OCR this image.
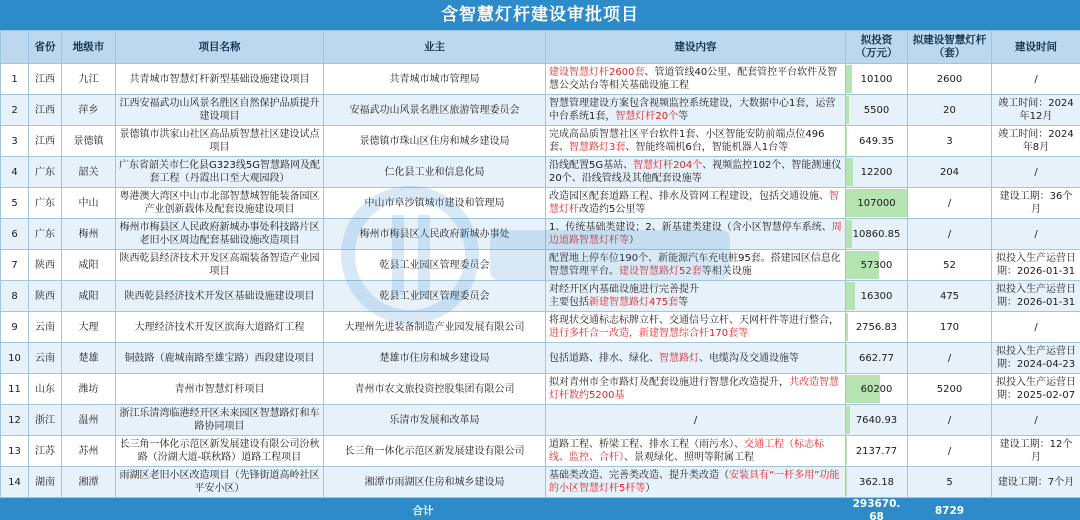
含智慧灯杆建设审批项目
	省份	地级市	项目名称	业主	建设内容	拟投资
（万元）	拟建设智慧灯杆
（套）	建设时间
1	江西	九江	共青城市智慧灯杆新型基础设施建设项目	共青城市城市管理局	建设智慧灯杆2600套、管道管线40公里、配套管控平台软件及智慧公交站台等相关基础设施工程	10100	2600	/
2	江西	萍乡	江西安福武功山风景名胜区自然保护品质提升建设项目	安福武功山风景名胜区旅游管理委员会	智慧管理建设方案包含视频监控系统建设，大数据中心1套，运营中台系统1套，智慧灯杆20个等	5500	20	竣工时间：2024年12月
3	江西	景德镇	景德镇市洪家山社区高品质智慧社区建设试点项目	景德镇市珠山区住房和城乡建设局	完成高品质智慧社区平台软件1套、小区智能安防前端点位496套、智慧路灯3套、智能终端机6台，智能机器人1台等	649.35	3	竣工时间：2024年8月
4	广东	韶关	广东省韶关市仁化县G323线5G智慧路网及配套工程（丹霞出口至大观园段）	仁化县工业和信息化局	沿线配置5G基站、智慧灯杆204个、视频监控102个、智能测速仪20个、沿线管线及其他配套设施等	12200	204	/
5	广东	中山	粤港澳大湾区中山市北部智慧城智能装备园区产业创新载体及配套设施建设项目	中山市阜沙镇城市建设和管理局	改造园区配套道路工程、排水及管网工程建设，包括交通设施、智慧灯杆改造约5公里等	107000	/	建设工期：36个月
6	广东	梅州	梅州市梅县区人民政府新城办事处科技路片区老旧小区周边配套基础设施改造项目	梅州市梅县区人民政府新城办事处	1、传统基础类建设；2、新基建类建设（含小区智慧停车系统、周边道路智慧灯杆等）	10860.85	/	/
7	陕西	咸阳	陕西乾县经济技术开发区高端装备智造产业园项目	乾县工业园区管理委员会	配置地上停车位190个、新能源汽车充电桩95套。搭建园区信息化智慧管理平台。建设智慧路灯52套等相关设施	57300	52	拟投入生产运营日期：2026-01-31
8	陕西	咸阳	陕西乾县经济技术开发区基础设施建设项目	乾县工业园区管理委员会	对经开区内基础设施进行完善提升
主要包括新建智慧路灯475套等	16300	475	拟投入生产运营日期：2026-01-31
9	云南	大理	大理经济技术开发区滨海大道路灯工程	大理州先进装备制造产业园发展有限公司	将现状交通标志标牌立杆、交通信号立杆、天网杆件等进行整合，进行多杆合一改造，新建智慧综合杆170套等	2756.83	170	/
10	云南	楚雄	铜鼓路（鹿城南路至雄宝路）西段建设项目	楚雄市住房和城乡建设局	包括道路、排水、绿化、智慧路灯、电缆沟及交通设施等	662.77	/	拟投入生产运营日期：2024-04-23
11	山东	潍坊	青州市智慧灯杆项目	青州市农文旅投资控股集团有限公司	拟对青州市全市路灯及配套设施进行智慧化改造提升，共改造智慧灯杆数约5200基	60200	5200	拟投入生产运营日期：2025-02-07
12	浙江	温州	浙江乐清湾临港经开区未来园区智慧路灯和车路协同项目	乐清市发展和改革局	/	7640.93	/	/
13	江苏	苏州	长三角一体化示范区新发展建设有限公司汾秋路（汾湖大道-联秋路）道路工程项目	长三角一体化示范区新发展建设有限公司	道路工程、桥梁工程、排水工程（雨污水）、交通工程（标志标线、监控、合杆）、景观绿化、照明等附属工程	2137.77	/	建设工期：12个月
14	湖南	湘潭	雨湖区老旧小区改造项目（先锋街道高岭社区平安小区）	湘潭市雨湖区住房和城乡建设局	基础类改造、完善类改造、提升类改造（安装具有“一杆多用”功能的小区智慧灯杆5杆等）	362.18	5	建设工期：7个月
合计						293670.68	8729	
